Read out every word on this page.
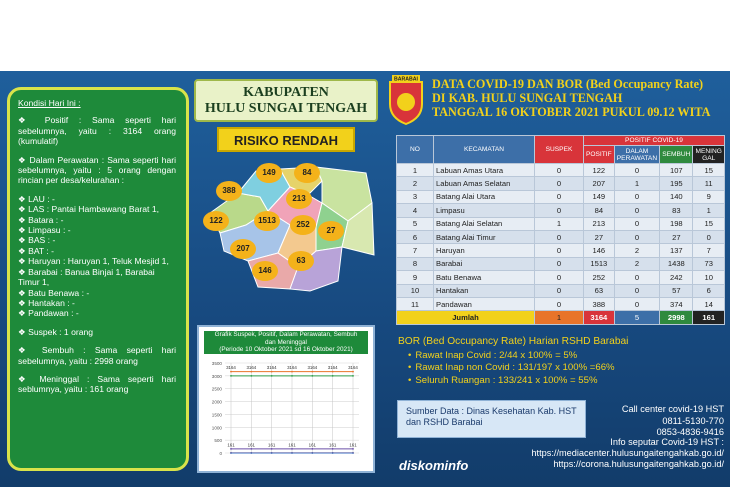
Kondisi Hari Ini :
❖ Positif : Sama seperti hari sebelumnya, yaitu : 3164 orang (kumulatif)
❖ Dalam Perawatan : Sama seperti hari sebelumnya, yaitu : 5 orang dengan rincian per desa/kelurahan :
❖ LAU : -
❖ LAS : Pantai Hambawang Barat 1,
❖ Batara : -
❖ Limpasu : -
❖ BAS : -
❖ BAT : -
❖ Haruyan : Haruyan 1, Teluk Mesjid 1,
❖ Barabai : Banua Binjai 1, Barabai Timur 1,
❖ Batu Benawa : -
❖ Hantakan : -
❖ Pandawan : -
❖ Suspek : 1 orang
❖ Sembuh : Sama seperti hari sebelumnya, yaitu : 2998 orang
❖ Meninggal : Sama seperti hari seblumnya, yaitu : 161 orang
KABUPATEN
HULU SUNGAI TENGAH
RISIKO RENDAH
149	84
388
213
122	1513	252
27
207
63
146
Grafik Suspek, Positif, Dalam Perawatan, Sembuh
dan Meninggal
(Periode 10 Oktober 2021 sd 16 Oktober 2021)
3500
3000
2500
2000
1500
1000
500
0
3164 3164 3164 3164 3164 3164 3164
161	161	161	161	161	161	161
BARABAI DATA COVID-19 DAN BOR (Bed Occupancy Rate)
DI KAB. HULU SUNGAI TENGAH
TANGGAL 16 OKTOBER 2021 PUKUL 09.12 WITA
NO	KECAMATAN	SUSPEK	POSITIF COVID-19			
			POSITIF	DALAM PERAWATAN	SEMBUH	MENING GAL
1	Labuan Amas Utara	0	122	0	107	15
2	Labuan Amas Selatan	0	207	1	195	11
3	Batang Alai Utara	0	149	0	140	9
4	Limpasu	0	84	0	83	1
5	Batang Alai Selatan	1	213	0	198	15
6	Batang Alai Timur	0	27	0	27	0
7	Haruyan	0	146	2	137	7
8	Barabai	0	1513	2	1438	73
9	Batu Benawa	0	252	0	242	10
10	Hantakan	0	63	0	57	6
11	Pandawan	0	388	0	374	14
Jumlah		1	3164	5	2998	161
BOR (Bed Occupancy Rate) Harian RSHD Barabai
• Rawat Inap Covid : 2/44 x 100% = 5%
• Rawat Inap non Covid : 131/197 x 100% =66%
• Seluruh Ruangan : 133/241 x 100% = 55%
Sumber Data : Dinas Kesehatan Kab. HST dan RSHD Barabai
Call center covid-19 HST
0811-5130-770
0853-4836-9416
Info seputar Covid-19 HST :
https://mediacenter.hulusungaitengahkab.go.id/
https://corona.hulusungaitengahkab.go.id/
diskominfo
